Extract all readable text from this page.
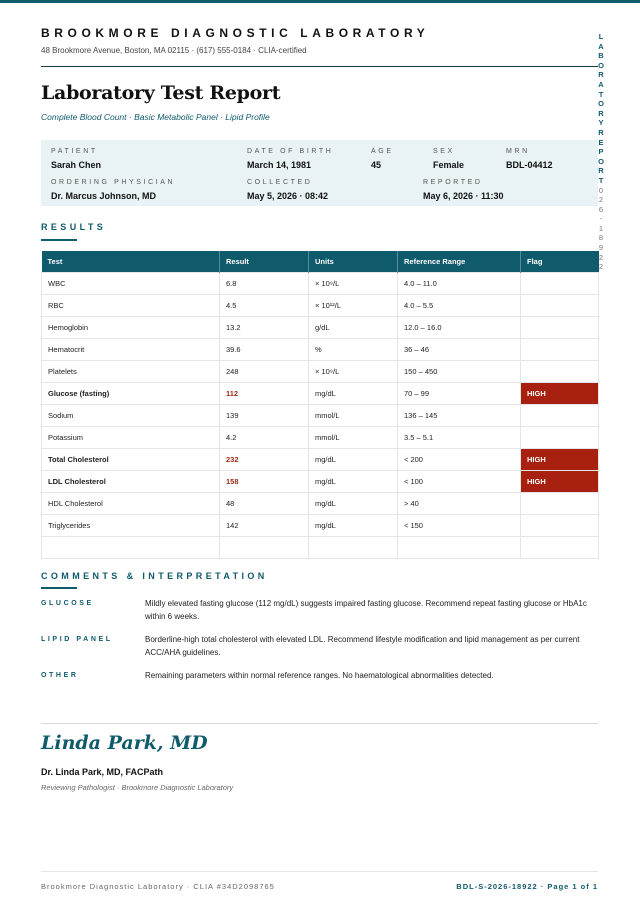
BROOKMORE DIAGNOSTIC LABORATORY
48 Brookmore Avenue, Boston, MA 02115 · (617) 555-0184 · CLIA-certified
LABORATORY REPORT
0 2 6 - 1 8 9 2 2
Laboratory Test Report
Complete Blood Count · Basic Metabolic Panel · Lipid Profile
PATIENT
Sarah Chen
DATE OF BIRTH
March 14, 1981
AGE
45
SEX
Female
MRN
BDL-04412
ORDERING PHYSICIAN
Dr. Marcus Johnson, MD
COLLECTED
May 5, 2026 · 08:42
REPORTED
May 6, 2026 · 11:30
RESULTS
Test	Result	Units	Reference Range	Flag
WBC	6.8	× 10⁹/L	4.0 – 11.0	
RBC	4.5	× 10¹²/L	4.0 – 5.5	
Hemoglobin	13.2	g/dL	12.0 – 16.0	
Hematocrit	39.6	%	36 – 46	
Platelets	248	× 10⁹/L	150 – 450	
Glucose (fasting)	112	mg/dL	70 – 99	HIGH
Sodium	139	mmol/L	136 – 145	
Potassium	4.2	mmol/L	3.5 – 5.1	
Total Cholesterol	232	mg/dL	< 200	HIGH
LDL Cholesterol	158	mg/dL	< 100	HIGH
HDL Cholesterol	48	mg/dL	> 40	
Triglycerides	142	mg/dL	< 150	

COMMENTS & INTERPRETATION
GLUCOSE	Mildly elevated fasting glucose (112 mg/dL) suggests impaired fasting glucose. Recommend repeat fasting glucose or HbA1c within 6 weeks.
LIPID PANEL	Borderline-high total cholesterol with elevated LDL. Recommend lifestyle modification and lipid management as per current ACC/AHA guidelines.
OTHER	Remaining parameters within normal reference ranges. No haematological abnormalities detected.
Linda Park, MD
Dr. Linda Park, MD, FACPath
Reviewing Pathologist · Brookmore Diagnostic Laboratory
Brookmore Diagnostic Laboratory · CLIA #34D2098765	BDL-S-2026-18922 · Page 1 of 1
